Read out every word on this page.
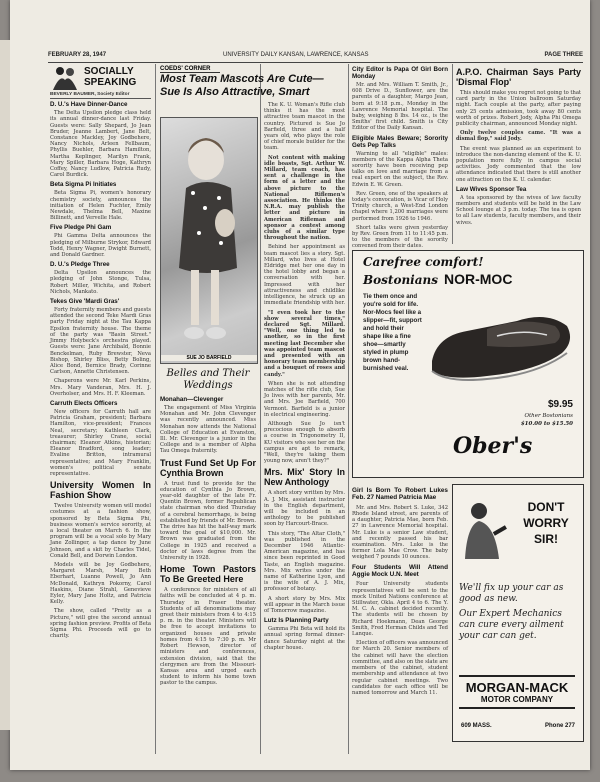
FEBRUARY 28, 1947	UNIVERSITY DAILY KANSAN, LAWRENCE, KANSAS	PAGE THREE
SOCIALLY
SPEAKING
BEVERLY BAUMER, Society Editor
D. U.'s Have Dinner-Dance

The Delta Upsilon pledge class held its annual dinner-dance last Friday. Guests were: Sally Shepard, Jo Jean Bruder, Jeanne Lambert, Jane Belt, Constance Mackley, Joy Godbehere, Nancy Nichols, Arleen Fellbaum, Phyllis Buehler, Barbara Hamilton, Martha Keplinger, Marilyn Frank, Mary Spiller, Barbara Hoge, Kathryn Coffey, Nancy Ludlow, Patricia Rudy, Carol Burdick.

Beta Sigma Pi Initiates

Beta Sigma Pi, women's honorary chemistry society, announces the initiation of Helen Fuchter, Emily Newdale, Thelma Bell, Maxine Billinett, and Vervelle Hale.

Five Pledge Phi Gam

Phi Gamma Delta announces the pledging of Milburne Strykor, Edward Todd, Henry Wagner, Dwight Burnett, and Donald Gardner.

D. U.'s Pledge Three

Delta Upsilon announces the pledging of John Stonge, Tulsa, Robert Miller, Wichita, and Robert Nichols, Mankato.

Tekes Give 'Mardi Gras'

Forty fraternity members and guests attended the second Teke Mardi Gras party Friday night at the Tau Kappa Epsilon fraternity house. The theme of the party was "Basin Street." Jimmy Holybeck's orchestra played. Guests were: Jane Archibald, Bonnie Benckelman, Ruby Brewster, Neva Bishop, Shirley Bliss, Betty Boling, Alice Bond, Bernice Brady, Corinne Carlson, Annette Christensen.

Chaperons were Mr. Karl Perkins, Mrs. Mary Vanderan, Mrs. H. J. Overholser, and Mrs. H. F. Kleeman.

Carruth Elects Officers

New officers for Carruth hall are Patricia Graham, president; Barbara Hamilton, vice-president; Frances Neal, secretary; Kathleen Clark, treasurer; Shirley Crane, social chairman; Eleanor Atkins, historian; Eleanor Bradford, song leader; Evaline Britton, intramural representative; and Mary Franklin, women's political senate representative.

University Women In Fashion Show

Twelve University women will model costumes at a fashion show, sponsored by Beta Sigma Phi, business women's service sorority, at a local theater on March 6. In the program will be a vocal solo by Mary Jane Zollinger, a tap dance by June Johnson, and a skit by Charles Tidel, Conald Bell, and Dorwin London.

Models will be Joy Godbehere, Margaret Marsh, Mary Beth Eberhart, Luanne Powell, Jo Ann McDonald, Kathryn Pokorny, Carol Haskins, Diane Strahl, Genevieve Eyler, Mary Jane Holtz, and Patricia Kelly.

The show, called "Pretty as a Picture," will give the second annual spring fashion preview. Profits of Beta Sigma Phi. Proceeds will go to charity.

COEDS' CORNER
Most Team Mascots Are Cute— Sue Is Also Attractive, Smart
SUE JO BARFIELD
Belles and Their Weddings
Monahan—Clevenger

The engagement of Miss Virginia Monahan and Mr. John Clevenger was recently announced. Miss Monahan now attends the National College of Education at Evanston, Ill. Mr. Clevenger is a junior in the College and is a member of Alpha Tau Omega fraternity.

Trust Fund Set Up For Cynthia Brown

A trust fund to provide for the education of Cynthia Jo Brown, year-old daughter of the late Fr. Quentin Brown, former Republican state chairman who died Thursday of a cerebral hemorrhage, is being established by friends of Mr. Brown. The drive has hit the half-way mark toward the goal of $10,000. Mr. Brown was graduated from the College in 1925 and received a doctor of laws degree from the University in 1928.

Home Town Pastors To Be Greeted Here

A conference for ministers of all faiths will be concluded at 4 p. m. Thursday in Fraser theater. Students of all denominations may greet their ministers from 4 to 4:15 p. m. in the theater. Ministers will be free to accept invitations to organized houses and private homes from 4:15 to 7:30 p. m. Mr Robert Hewson, director of ministers and conferences, extension division, said that the clergymen are from the Missouri-Kansas area and urged each student to inform his home town pastor to the campus.

The K. U. Woman's Rifle club thinks it has the most attractive team mascot in the country. Pictured is Sue Jo Barfield, three and a half years old, who plays the role of chief morale builder for the team.

Not content with making idle boasts, Sgt. Arthur W. Millard, team coach, has sent a challenge in the form of a letter and the above picture to the National Riflemen's association. He thinks the N.R.A. may publish the letter and picture in American Rifleman and sponsor a contest among clubs of a similar type throughout the nation.

Behind her appointment as team mascot lies a story. Sgt. Millard, who lives at Hotel Eldridge met her one day in the hotel lobby and began a conversation with her. Impressed with her attractiveness and childlike intelligence, he struck up an immediate friendship with her.

"I even took her to the show several times," declared Sgt. Millard. "Well, one thing led to another, so in the first meeting last December she was appointed team mascot and presented with an honorary team membership and a bouquet of roses and candy."

When she is not attending matches of the rifle club, Sue Jo lives with her parents, Mr. and Mrs. Joe Barfield, 700 Vermont. Barfield is a junior in electrical engineering.

Although Sue Jo isn't precocious enough to absorb a course in Trigonometry II, KU visitors who see her on the campus are apt to remark, "Well, they're taking them young now, aren't they?"

Mrs. Mix' Story In New Anthology

A short story written by Mrs. A. J. Mix, assistant instructor in the English department, will be included in an anthology to be published soon by Harcourt-Brace.

This story, "The Altar Cloth," was published in the December 1946 Atlantic-American magazine, and has since been reprinted in Good Taste, an English magazine. Mrs. Mix writes under the name of Katherine Lyon, and is the wife of A. J. Mix, professor of botany.

A short story by Mrs. Mix will appear in the March issue of Tomorrow magazine.

Lutz Is Planning Party

Gamma Phi Beta will hold its annual spring formal dinner-dance Saturday night at the chapter house.

City Editor Is Papa Of Girl Born Monday

Mr. and Mrs. William T. Smith, Jr., 608 Drive D., Sunflower, are the parents of a daughter, Margo Jean, born at 9:18 p.m., Monday in the Lawrence Memorial hospital. The baby, weighing 8 lbs. 14 oz., is the Smiths' first child. Smith is City Editor of the Daily Kansan.

Eligible Males Beware; Sorority Gets Pep Talks

Warning to all "eligible" males: members of the Kappa Alpha Theta sorority have been receiving pep talks on love and marriage from a real expert on the subject, the Rev. Edwin E. W. Green.

Rev. Green, one of the speakers at today's convocation, is Vicar of Holy Trinity church, a West-End London chapel where 1,200 marriages were performed from 1926 to 1946.

Short talks were given yesterday by Rev. Green from 11 to 11:45 p.m. to the members of the sorority convened from their dates.

A.P.O. Chairman Says Party 'Dismal Flop'

This should make you regret not going to that card party in the Union ballroom Saturday night. Each couple at the party, after paying only 25 cents admission, took away 80 cents worth of prizes. Robert Jody, Alpha Phi Omega publicity chairman, announced Monday night.

Only twelve couples came. "It was a dismal flop," said Jody.

The event was planned as an experiment to introduce the non-dancing element of the K. U. population more fully in campus social activities. Jody commented that the low attendance indicated that there is still another one attraction on the K. U. calendar.

Law Wives Sponsor Tea

A tea sponsored by the wives of law faculty members and students will be held in the Law School lounge at 3 p.m. today. The tea is open to all Law students, faculty members, and their wives.

Carefree comfort!
Bostonians NOR-MOC
Tie them once and you're sold for life. Nor-Mocs feel like a slipper—fit, support and hold their shape like a fine shoe—smartly styled in plump brown hand-burnished veal.
$9.95
Other Bostonians
$10.00 to $15.50
Ober's
Girl Is Born To Robert Lukes Feb. 27 Named Patricia Mae

Mr. and Mrs. Robert S. Luke, 342 Rhode Island street, are parents of a daughter, Patricia Mae, born Feb. 27 in Lawrence Memorial hospital. Mr. Luke is a senior Law student, and recently passed his bar examination. Mrs. Luke is the former Lola Mae Crow. The baby weighed 7 pounds 10 ounces.

Four Students Will Attend Aggie Mock U.N. Meet

Four University students representatives will be sent to the mock United Nations conference at Stillwater, Okla. April 4 to 6. The Y. M. C. A. cabinet decided recently. The students will be chosen by Richard Hoekmann, Dean George Smith, Fred Herman Childs and Ted Lanque.

Election of officers was announced for March 20. Senior members of the cabinet will have the election committee, and also on the slate are members of the cabinet, student membership and attendance at two regular cabinet meetings. Two candidates for each office will be named tomorrow and March 11.

DON'T
WORRY
SIR!
We'll fix up your car as good as new.
Our Expert Mechanics can cure every ailment your car can get.
MORGAN-MACK
MOTOR COMPANY
609 MASS.	Phone 277
